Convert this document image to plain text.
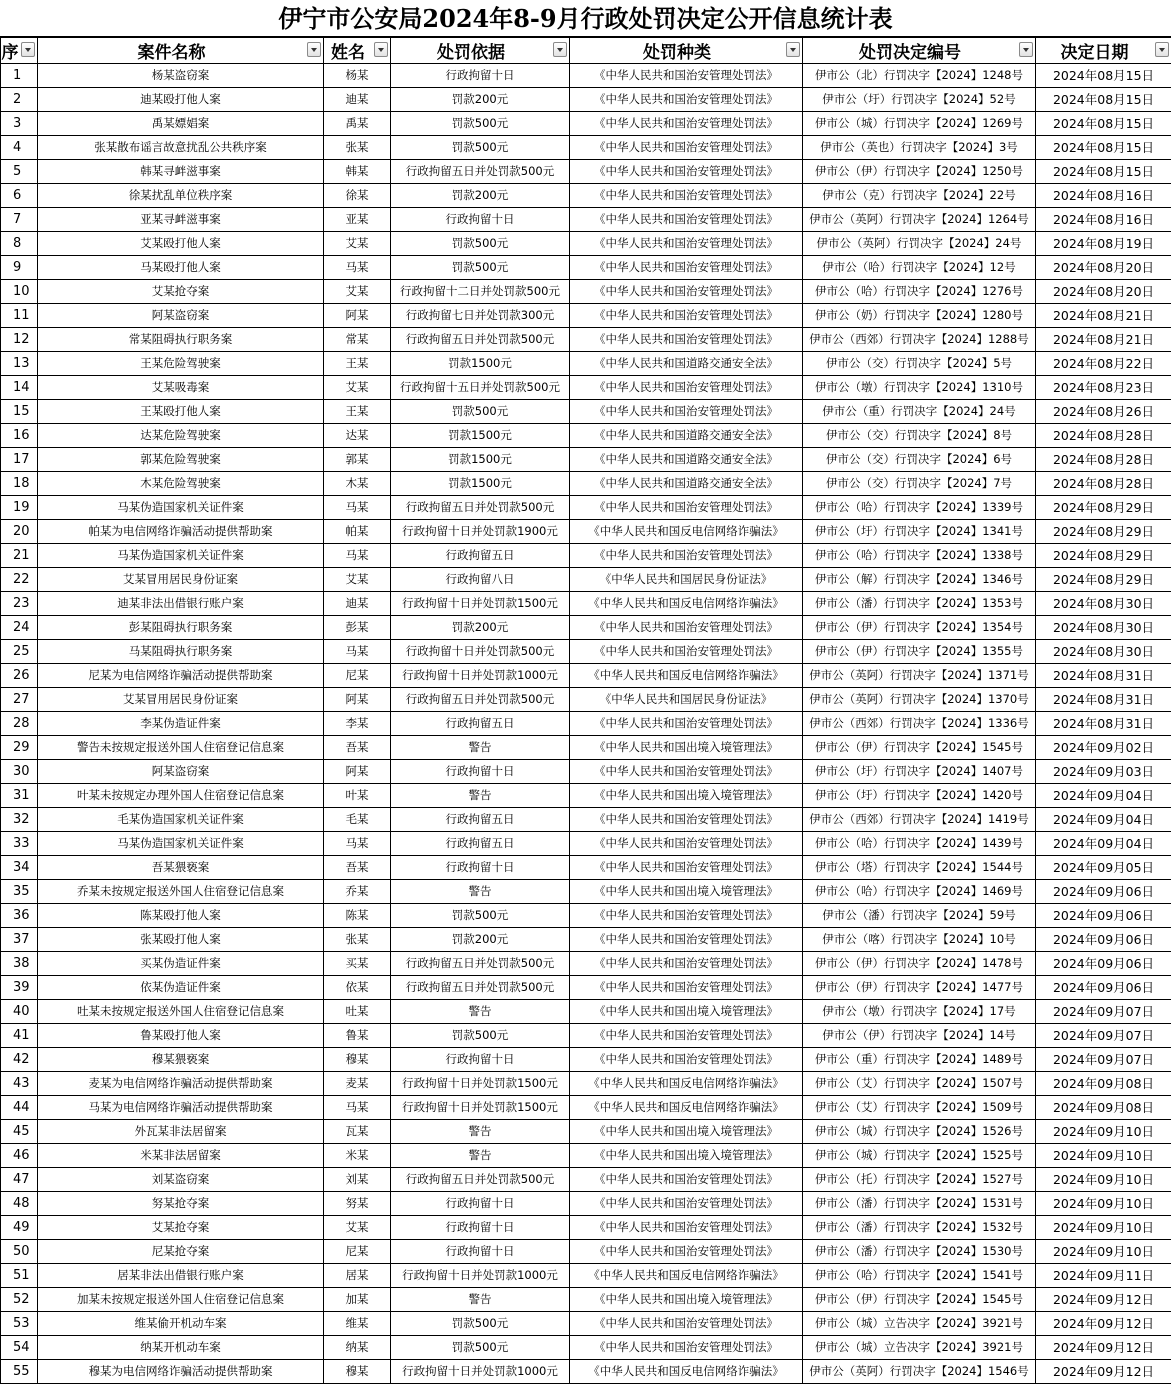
伊宁市公安局2024年8-9月行政处罚决定公开信息统计表
序	案件名称	姓名	处罚依据	处罚种类	处罚决定编号	决定日期

1	杨某盗窃案	杨某	行政拘留十日	《中华人民共和国治安管理处罚法》	伊市公（北）行罚决字【2024】1248号	2024年08月15日
2	迪某殴打他人案	迪某	罚款200元	《中华人民共和国治安管理处罚法》	伊市公（圩）行罚决字【2024】52号	2024年08月15日
3	禹某嫖娼案	禹某	罚款500元	《中华人民共和国治安管理处罚法》	伊市公（城）行罚决字【2024】1269号	2024年08月15日
4	张某散布谣言故意扰乱公共秩序案	张某	罚款500元	《中华人民共和国治安管理处罚法》	伊市公（英也）行罚决字【2024】3号	2024年08月15日
5	韩某寻衅滋事案	韩某	行政拘留五日并处罚款500元	《中华人民共和国治安管理处罚法》	伊市公（伊）行罚决字【2024】1250号	2024年08月15日
6	徐某扰乱单位秩序案	徐某	罚款200元	《中华人民共和国治安管理处罚法》	伊市公（克）行罚决字【2024】22号	2024年08月16日
7	亚某寻衅滋事案	亚某	行政拘留十日	《中华人民共和国治安管理处罚法》	伊市公（英阿）行罚决字【2024】1264号	2024年08月16日
8	艾某殴打他人案	艾某	罚款500元	《中华人民共和国治安管理处罚法》	伊市公（英阿）行罚决字【2024】24号	2024年08月19日
9	马某殴打他人案	马某	罚款500元	《中华人民共和国治安管理处罚法》	伊市公（哈）行罚决字【2024】12号	2024年08月20日
10	艾某抢夺案	艾某	行政拘留十二日并处罚款500元	《中华人民共和国治安管理处罚法》	伊市公（哈）行罚决字【2024】1276号	2024年08月20日
11	阿某盗窃案	阿某	行政拘留七日并处罚款300元	《中华人民共和国治安管理处罚法》	伊市公（奶）行罚决字【2024】1280号	2024年08月21日
12	常某阻碍执行职务案	常某	行政拘留五日并处罚款500元	《中华人民共和国治安管理处罚法》	伊市公（西郊）行罚决字【2024】1288号	2024年08月21日
13	王某危险驾驶案	王某	罚款1500元	《中华人民共和国道路交通安全法》	伊市公（交）行罚决字【2024】5号	2024年08月22日
14	艾某吸毒案	艾某	行政拘留十五日并处罚款500元	《中华人民共和国治安管理处罚法》	伊市公（墩）行罚决字【2024】1310号	2024年08月23日
15	王某殴打他人案	王某	罚款500元	《中华人民共和国治安管理处罚法》	伊市公（重）行罚决字【2024】24号	2024年08月26日
16	达某危险驾驶案	达某	罚款1500元	《中华人民共和国道路交通安全法》	伊市公（交）行罚决字【2024】8号	2024年08月28日
17	郭某危险驾驶案	郭某	罚款1500元	《中华人民共和国道路交通安全法》	伊市公（交）行罚决字【2024】6号	2024年08月28日
18	木某危险驾驶案	木某	罚款1500元	《中华人民共和国道路交通安全法》	伊市公（交）行罚决字【2024】7号	2024年08月28日
19	马某伪造国家机关证件案	马某	行政拘留五日并处罚款500元	《中华人民共和国治安管理处罚法》	伊市公（哈）行罚决字【2024】1339号	2024年08月29日
20	帕某为电信网络诈骗活动提供帮助案	帕某	行政拘留十日并处罚款1900元	《中华人民共和国反电信网络诈骗法》	伊市公（圩）行罚决字【2024】1341号	2024年08月29日
21	马某伪造国家机关证件案	马某	行政拘留五日	《中华人民共和国治安管理处罚法》	伊市公（哈）行罚决字【2024】1338号	2024年08月29日
22	艾某冒用居民身份证案	艾某	行政拘留八日	《中华人民共和国居民身份证法》	伊市公（解）行罚决字【2024】1346号	2024年08月29日
23	迪某非法出借银行账户案	迪某	行政拘留十日并处罚款1500元	《中华人民共和国反电信网络诈骗法》	伊市公（潘）行罚决字【2024】1353号	2024年08月30日
24	彭某阻碍执行职务案	彭某	罚款200元	《中华人民共和国治安管理处罚法》	伊市公（伊）行罚决字【2024】1354号	2024年08月30日
25	马某阻碍执行职务案	马某	行政拘留十日并处罚款500元	《中华人民共和国治安管理处罚法》	伊市公（伊）行罚决字【2024】1355号	2024年08月30日
26	尼某为电信网络诈骗活动提供帮助案	尼某	行政拘留十日并处罚款1000元	《中华人民共和国反电信网络诈骗法》	伊市公（英阿）行罚决字【2024】1371号	2024年08月31日
27	艾某冒用居民身份证案	阿某	行政拘留五日并处罚款500元	《中华人民共和国居民身份证法》	伊市公（英阿）行罚决字【2024】1370号	2024年08月31日
28	李某伪造证件案	李某	行政拘留五日	《中华人民共和国治安管理处罚法》	伊市公（西郊）行罚决字【2024】1336号	2024年08月31日
29	警告未按规定报送外国人住宿登记信息案	吾某	警告	《中华人民共和国出境入境管理法》	伊市公（伊）行罚决字【2024】1545号	2024年09月02日
30	阿某盗窃案	阿某	行政拘留十日	《中华人民共和国治安管理处罚法》	伊市公（圩）行罚决字【2024】1407号	2024年09月03日
31	叶某未按规定办理外国人住宿登记信息案	叶某	警告	《中华人民共和国出境入境管理法》	伊市公（圩）行罚决字【2024】1420号	2024年09月04日
32	毛某伪造国家机关证件案	毛某	行政拘留五日	《中华人民共和国治安管理处罚法》	伊市公（西郊）行罚决字【2024】1419号	2024年09月04日
33	马某伪造国家机关证件案	马某	行政拘留五日	《中华人民共和国治安管理处罚法》	伊市公（哈）行罚决字【2024】1439号	2024年09月04日
34	吾某猥亵案	吾某	行政拘留十日	《中华人民共和国治安管理处罚法》	伊市公（塔）行罚决字【2024】1544号	2024年09月05日
35	乔某未按规定报送外国人住宿登记信息案	乔某	警告	《中华人民共和国出境入境管理法》	伊市公（哈）行罚决字【2024】1469号	2024年09月06日
36	陈某殴打他人案	陈某	罚款500元	《中华人民共和国治安管理处罚法》	伊市公（潘）行罚决字【2024】59号	2024年09月06日
37	张某殴打他人案	张某	罚款200元	《中华人民共和国治安管理处罚法》	伊市公（喀）行罚决字【2024】10号	2024年09月06日
38	买某伪造证件案	买某	行政拘留五日并处罚款500元	《中华人民共和国治安管理处罚法》	伊市公（伊）行罚决字【2024】1478号	2024年09月06日
39	依某伪造证件案	依某	行政拘留五日并处罚款500元	《中华人民共和国治安管理处罚法》	伊市公（伊）行罚决字【2024】1477号	2024年09月06日
40	吐某未按规定报送外国人住宿登记信息案	吐某	警告	《中华人民共和国出境入境管理法》	伊市公（墩）行罚决字【2024】17号	2024年09月07日
41	鲁某殴打他人案	鲁某	罚款500元	《中华人民共和国治安管理处罚法》	伊市公（伊）行罚决字【2024】14号	2024年09月07日
42	穆某猥亵案	穆某	行政拘留十日	《中华人民共和国治安管理处罚法》	伊市公（重）行罚决字【2024】1489号	2024年09月07日
43	麦某为电信网络诈骗活动提供帮助案	麦某	行政拘留十日并处罚款1500元	《中华人民共和国反电信网络诈骗法》	伊市公（艾）行罚决字【2024】1507号	2024年09月08日
44	马某为电信网络诈骗活动提供帮助案	马某	行政拘留十日并处罚款1500元	《中华人民共和国反电信网络诈骗法》	伊市公（艾）行罚决字【2024】1509号	2024年09月08日
45	外瓦某非法居留案	瓦某	警告	《中华人民共和国出境入境管理法》	伊市公（城）行罚决字【2024】1526号	2024年09月10日
46	米某非法居留案	米某	警告	《中华人民共和国出境入境管理法》	伊市公（城）行罚决字【2024】1525号	2024年09月10日
47	刘某盗窃案	刘某	行政拘留五日并处罚款500元	《中华人民共和国治安管理处罚法》	伊市公（托）行罚决字【2024】1527号	2024年09月10日
48	努某抢夺案	努某	行政拘留十日	《中华人民共和国治安管理处罚法》	伊市公（潘）行罚决字【2024】1531号	2024年09月10日
49	艾某抢夺案	艾某	行政拘留十日	《中华人民共和国治安管理处罚法》	伊市公（潘）行罚决字【2024】1532号	2024年09月10日
50	尼某抢夺案	尼某	行政拘留十日	《中华人民共和国治安管理处罚法》	伊市公（潘）行罚决字【2024】1530号	2024年09月10日
51	居某非法出借银行账户案	居某	行政拘留十日并处罚款1000元	《中华人民共和国反电信网络诈骗法》	伊市公（哈）行罚决字【2024】1541号	2024年09月11日
52	加某未按规定报送外国人住宿登记信息案	加某	警告	《中华人民共和国出境入境管理法》	伊市公（伊）行罚决字【2024】1545号	2024年09月12日
53	维某偷开机动车案	维某	罚款500元	《中华人民共和国治安管理处罚法》	伊市公（城）立告决字【2024】3921号	2024年09月12日
54	纳某开机动车案	纳某	罚款500元	《中华人民共和国治安管理处罚法》	伊市公（城）立告决字【2024】3921号	2024年09月12日
55	穆某为电信网络诈骗活动提供帮助案	穆某	行政拘留十日并处罚款1000元	《中华人民共和国反电信网络诈骗法》	伊市公（英阿）行罚决字【2024】1546号	2024年09月12日
